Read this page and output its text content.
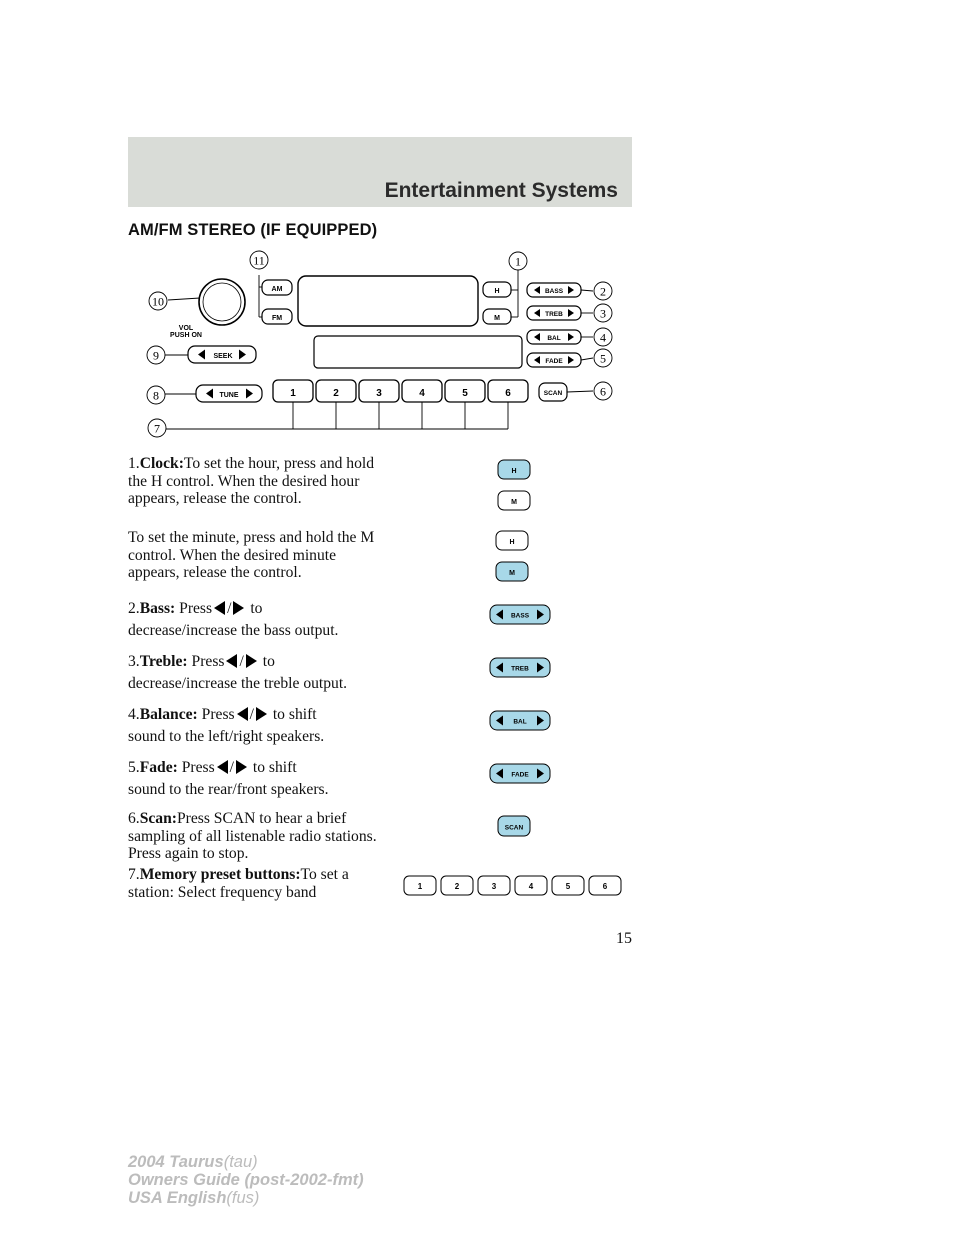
Entertainment Systems
AM/FM STEREO (IF EQUIPPED)
VOL
PUSH ON
AM
FM
H
M
BASS
TREB
BAL
FADE
SEEK
TUNE	1	2	3	4	5	6	SCAN
11	1
10
9
8
7
2
3
4
5
6
1.Clock:To set the hour, press and hold the H control. When the desired hour appears, release the control.
To set the minute, press and hold the M control. When the desired minute appears, release the control.
2.Bass: Press / to
decrease/increase the bass output.
3.Treble: Press / to
decrease/increase the treble output.
4.Balance: Press / to shift
sound to the left/right speakers.
5.Fade: Press / to shift
sound to the rear/front speakers.
6.Scan:Press SCAN to hear a brief sampling of all listenable radio stations. Press again to stop.
7.Memory preset buttons:To set a station: Select frequency band
H
M
H
M
BASS
TREB
BAL
FADE
SCAN
1	2	3	4	5	6
15
2004 Taurus(tau)
Owners Guide (post-2002-fmt)
USA English(fus)
